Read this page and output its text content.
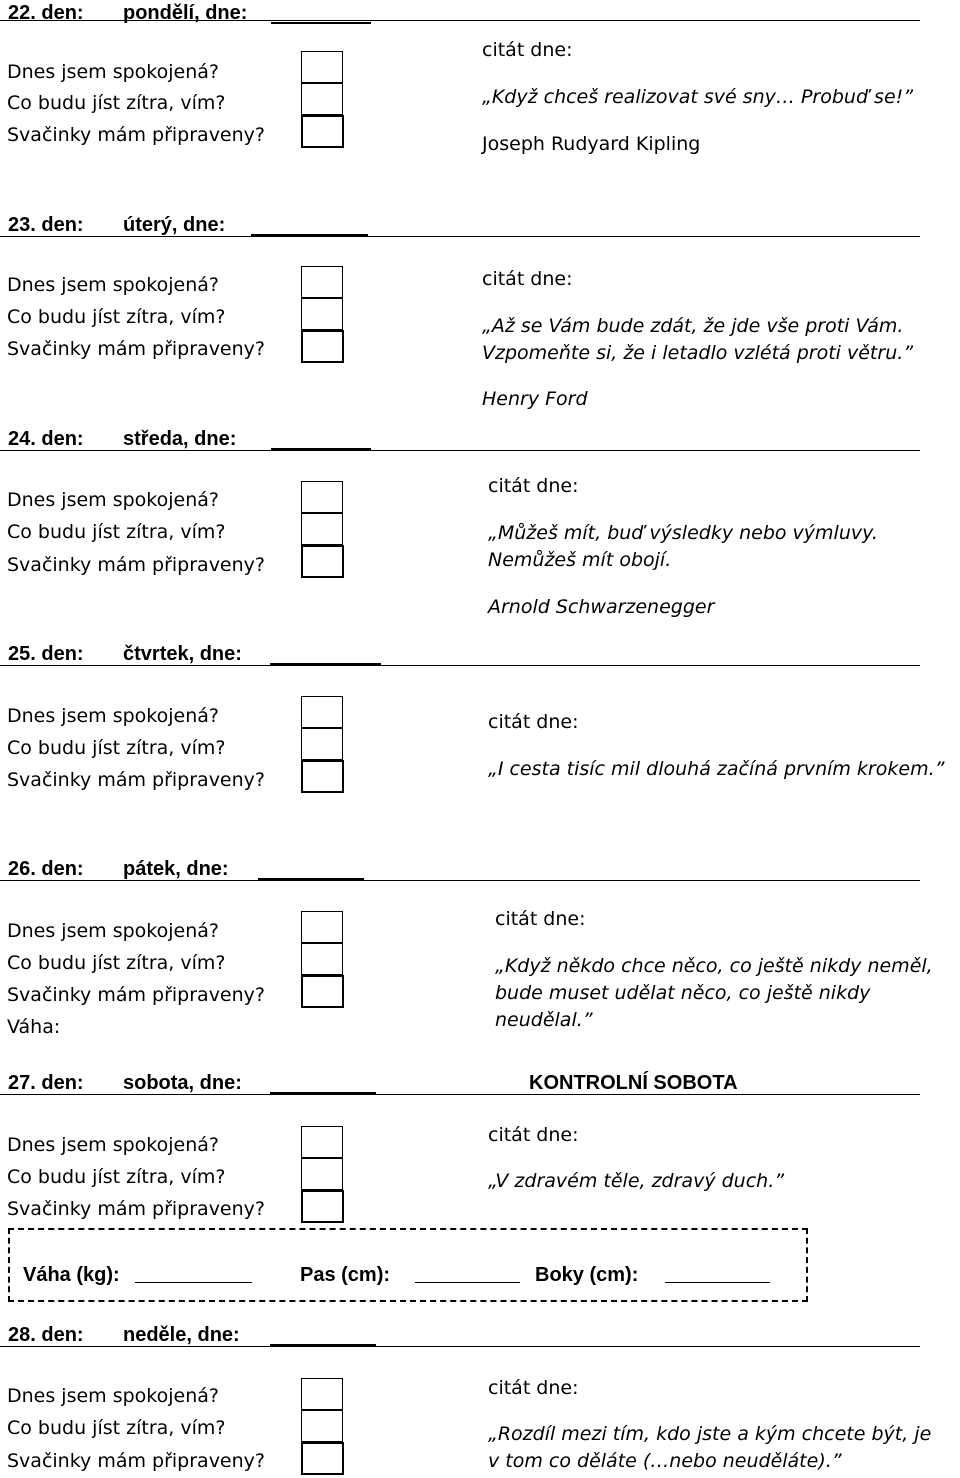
22. den: pondělí, dne:
Dnes jsem spokojená?
Co budu jíst zítra, vím?
Svačinky mám připraveny?
citát dne:
„Když chceš realizovat své sny… Probuď se!”
Joseph Rudyard Kipling
23. den: úterý, dne:
Dnes jsem spokojená?
Co budu jíst zítra, vím?
Svačinky mám připraveny?
citát dne:
„Až se Vám bude zdát, že jde vše proti Vám.
Vzpomeňte si, že i letadlo vzlétá proti větru.”
Henry Ford
24. den: středa, dne:
Dnes jsem spokojená?
Co budu jíst zítra, vím?
Svačinky mám připraveny?
citát dne:
„Můžeš mít, buď výsledky nebo výmluvy.
Nemůžeš mít obojí.
Arnold Schwarzenegger
25. den: čtvrtek, dne:
Dnes jsem spokojená?
Co budu jíst zítra, vím?
Svačinky mám připraveny?
citát dne:
„I cesta tisíc mil dlouhá začíná prvním krokem.”
26. den: pátek, dne:
Dnes jsem spokojená?
Co budu jíst zítra, vím?
Svačinky mám připraveny?
Váha:
citát dne:
„Když někdo chce něco, co ještě nikdy neměl,
bude muset udělat něco, co ještě nikdy
neudělal.”
27. den: sobota, dne:	KONTROLNÍ SOBOTA
Dnes jsem spokojená?
Co budu jíst zítra, vím?
Svačinky mám připraveny?
citát dne:
„V zdravém těle, zdravý duch.”
Váha (kg):	Pas (cm):	Boky (cm):
28. den: neděle, dne:
Dnes jsem spokojená?
Co budu jíst zítra, vím?
Svačinky mám připraveny?
citát dne:
„Rozdíl mezi tím, kdo jste a kým chcete být, je
v tom co děláte (…nebo neuděláte).”
